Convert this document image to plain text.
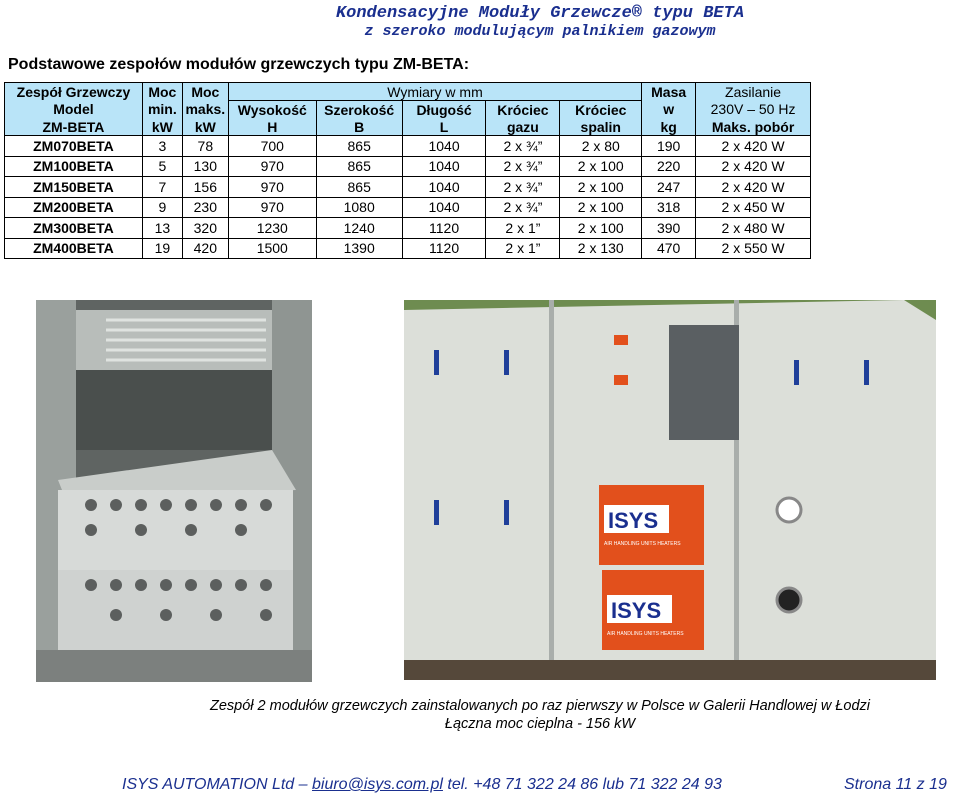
Kondensacyjne Moduły Grzewcze® typu BETA
z szeroko modulującym palnikiem gazowym
Podstawowe zespołów modułów grzewczych typu ZM-BETA:
Zespół Grzewczy	Moc	Moc	Wymiary w mm					Masa	Zasilanie
Model	min.	maks.	Wysokość	Szerokość	Długość	Króciec	Króciec	w	230V – 50 Hz
ZM-BETA	kW	kW	H	B	L	gazu	spalin	kg	Maks. pobór
ZM070BETA	3	78	700	865	1040	2 x ¾”	2 x 80	190	2 x 420 W
ZM100BETA	5	130	970	865	1040	2 x ¾”	2 x 100	220	2 x 420 W
ZM150BETA	7	156	970	865	1040	2 x ¾”	2 x 100	247	2 x 420 W
ZM200BETA	9	230	970	1080	1040	2 x ¾”	2 x 100	318	2 x 450 W
ZM300BETA	13	320	1230	1240	1120	2 x 1”	2 x 100	390	2 x 480 W
ZM400BETA	19	420	1500	1390	1120	2 x 1”	2 x 130	470	2 x 550 W
ISYS
AIR HANDLING UNITS HEATERS
ISYS
AIR HANDLING UNITS HEATERS
Zespół 2 modułów grzewczych zainstalowanych po raz pierwszy w Polsce w Galerii Handlowej w Łodzi
Łączna moc cieplna - 156 kW
ISYS AUTOMATION Ltd – biuro@isys.com.pl tel. +48 71 322 24 86 lub 71 322 24 93	Strona 11 z 19
